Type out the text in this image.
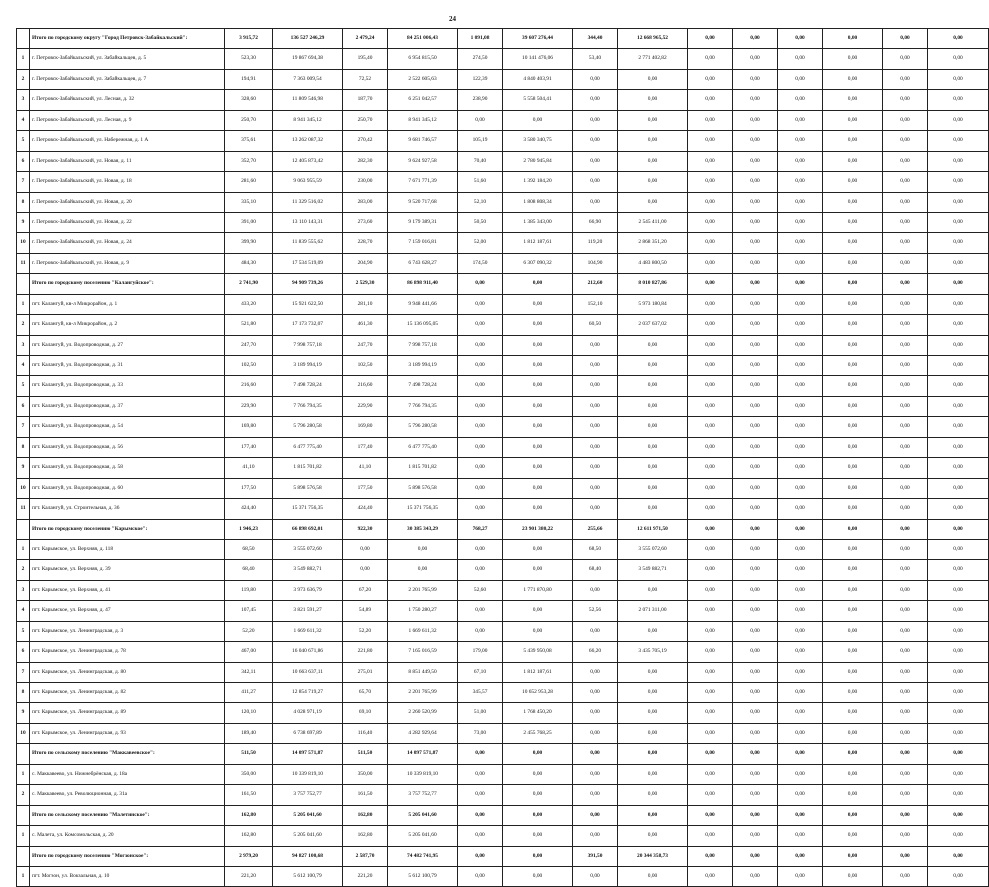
24
	Итого по городскому округу "Город Петровск-Забайкальский":	3 915,72	136 527 246,29	2 479,24	84 251 006,43	1 091,08	39 607 276,44	344,40	12 668 965,52	0,00	0,00	0,00	0,00	0,00	0,00
1	г. Петровск-Забайкальский, ул. Забайкальцев, д. 5	523,30	19 867 694,38	195,40	6 954 815,50	274,50	10 141 476,06	53,40	2 771 402,82	0,00	0,00	0,00	0,00	0,00	0,00
2	г. Петровск-Забайкальский, ул. Забайкальцев, д. 7	194,91	7 363 009,54	72,52	2 522 605,63	122,39	4 840 403,91	0,00	0,00	0,00	0,00	0,00	0,00	0,00	0,00
3	г. Петровск-Забайкальский, ул. Лесная, д. 32	328,60	11 809 546,98	187,70	6 251 042,57	238,90	5 558 504,41	0,00	0,00	0,00	0,00	0,00	0,00	0,00	0,00
4	г. Петровск-Забайкальский, ул. Лесная, д. 9	250,70	8 941 345,12	250,70	8 941 345,12	0,00	0,00	0,00	0,00	0,00	0,00	0,00	0,00	0,00	0,00
5	г. Петровск-Забайкальский, ул. Набережная, д. 1 А	375,61	13 262 087,32	270,42	9 681 746,57	105,19	3 580 340,75	0,00	0,00	0,00	0,00	0,00	0,00	0,00	0,00
6	г. Петровск-Забайкальский, ул. Новая, д. 11	352,70	12 405 873,42	282,30	9 624 927,58	70,40	2 780 945,84	0,00	0,00	0,00	0,00	0,00	0,00	0,00	0,00
7	г. Петровск-Забайкальский, ул. Новая, д. 18	281,60	9 063 955,59	230,00	7 671 771,39	51,60	1 392 184,20	0,00	0,00	0,00	0,00	0,00	0,00	0,00	0,00
8	г. Петровск-Забайкальский, ул. Новая, д. 20	335,10	11 329 516,02	283,00	9 520 717,68	52,10	1 808 808,34	0,00	0,00	0,00	0,00	0,00	0,00	0,00	0,00
9	г. Петровск-Забайкальский, ул. Новая, д. 22	391,00	13 110 143,31	273,60	9 179 389,31	50,50	1 385 343,00	66,90	2 545 411,00	0,00	0,00	0,00	0,00	0,00	0,00
10	г. Петровск-Забайкальский, ул. Новая, д. 24	399,90	11 839 555,62	228,70	7 159 016,81	52,00	1 812 187,61	119,20	2 868 351,20	0,00	0,00	0,00	0,00	0,00	0,00
11	г. Петровск-Забайкальский, ул. Новая, д. 9	484,30	17 534 519,09	204,90	6 743 628,27	174,50	6 307 090,32	104,90	4 483 800,50	0,00	0,00	0,00	0,00	0,00	0,00
	Итого по городскому поселению "Калангуйское":	2 741,90	94 909 739,26	2 529,30	86 898 911,40	0,00	0,00	212,60	8 010 827,86	0,00	0,00	0,00	0,00	0,00	0,00
1	пгт. Калангуй, кв-л Микрорайон, д. 1	433,20	15 921 622,50	281,10	9 948 441,66	0,00	0,00	152,10	5 973 180,84	0,00	0,00	0,00	0,00	0,00	0,00
2	пгт. Калангуй, кв-л Микрорайон, д. 2	521,80	17 173 732,07	461,30	15 136 095,05	0,00	0,00	60,50	2 037 637,02	0,00	0,00	0,00	0,00	0,00	0,00
3	пгт. Калангуй, ул. Водопроводная, д. 27	247,70	7 998 757,18	247,70	7 998 757,18	0,00	0,00	0,00	0,00	0,00	0,00	0,00	0,00	0,00	0,00
4	пгт. Калангуй, ул. Водопроводная, д. 31	102,50	3 189 994,19	102,50	3 189 994,19	0,00	0,00	0,00	0,00	0,00	0,00	0,00	0,00	0,00	0,00
5	пгт. Калангуй, ул. Водопроводная, д. 33	216,60	7 498 728,24	216,60	7 498 728,24	0,00	0,00	0,00	0,00	0,00	0,00	0,00	0,00	0,00	0,00
6	пгт. Калангуй, ул. Водопроводная, д. 37	229,90	7 766 794,35	229,90	7 766 794,35	0,00	0,00	0,00	0,00	0,00	0,00	0,00	0,00	0,00	0,00
7	пгт. Калангуй, ул. Водопроводная, д. 54	169,80	5 796 280,58	169,80	5 796 280,58	0,00	0,00	0,00	0,00	0,00	0,00	0,00	0,00	0,00	0,00
8	пгт. Калангуй, ул. Водопроводная, д. 56	177,40	6 477 775,40	177,40	6 477 775,40	0,00	0,00	0,00	0,00	0,00	0,00	0,00	0,00	0,00	0,00
9	пгт. Калангуй, ул. Водопроводная, д. 58	41,10	1 815 701,82	41,10	1 815 701,82	0,00	0,00	0,00	0,00	0,00	0,00	0,00	0,00	0,00	0,00
10	пгт. Калангуй, ул. Водопроводная, д. 60	177,50	5 898 576,58	177,50	5 898 576,58	0,00	0,00	0,00	0,00	0,00	0,00	0,00	0,00	0,00	0,00
11	пгт. Калангуй, ул. Строительная, д. 36	424,40	15 371 756,35	424,40	15 371 756,35	0,00	0,00	0,00	0,00	0,00	0,00	0,00	0,00	0,00	0,00
	Итого по городскому поселению "Карымское":	1 946,23	66 898 692,01	922,30	30 385 343,29	768,27	23 901 380,22	255,66	12 611 971,50	0,00	0,00	0,00	0,00	0,00	0,00
1	пгт. Карымское, ул. Верхняя, д. 118	68,50	3 555 072,60	0,00	0,00	0,00	0,00	68,50	3 555 072,60	0,00	0,00	0,00	0,00	0,00	0,00
2	пгт. Карымское, ул. Верхняя, д. 39	68,40	3 549 882,71	0,00	0,00	0,00	0,00	68,40	3 549 882,71	0,00	0,00	0,00	0,00	0,00	0,00
3	пгт. Карымское, ул. Верхняя, д. 41	119,80	3 973 636,79	67,20	2 201 765,99	52,60	1 771 870,80	0,00	0,00	0,00	0,00	0,00	0,00	0,00	0,00
4	пгт. Карымское, ул. Верхняя, д. 47	107,45	3 821 591,27	54,89	1 750 280,27	0,00	0,00	52,56	2 071 311,00	0,00	0,00	0,00	0,00	0,00	0,00
5	пгт. Карымское, ул. Ленинградская, д. 3	52,20	1 669 611,32	52,20	1 669 611,32	0,00	0,00	0,00	0,00	0,00	0,00	0,00	0,00	0,00	0,00
6	пгт. Карымское, ул. Ленинградская, д. 78	467,00	16 040 671,86	221,80	7 165 016,59	179,00	5 439 950,08	66,20	3 435 705,19	0,00	0,00	0,00	0,00	0,00	0,00
7	пгт. Карымское, ул. Ленинградская, д. 80	342,11	10 663 637,11	275,01	8 851 449,50	67,10	1 812 187,61	0,00	0,00	0,00	0,00	0,00	0,00	0,00	0,00
8	пгт. Карымское, ул. Ленинградская, д. 82	411,27	12 854 719,27	65,70	2 201 765,99	345,57	10 652 953,28	0,00	0,00	0,00	0,00	0,00	0,00	0,00	0,00
9	пгт. Карымское, ул. Ленинградская, д. 89	120,10	4 028 971,19	69,10	2 260 520,99	51,00	1 768 450,20	0,00	0,00	0,00	0,00	0,00	0,00	0,00	0,00
10	пгт. Карымское, ул. Ленинградская, д. 93	189,40	6 738 697,89	116,40	4 282 929,64	73,00	2 455 768,25	0,00	0,00	0,00	0,00	0,00	0,00	0,00	0,00
	Итого по сельскому поселению "Маккавеевское":	511,50	14 097 571,87	511,50	14 097 571,87	0,00	0,00	0,00	0,00	0,00	0,00	0,00	0,00	0,00	0,00
1	с. Маккавеево, ул. Нижнебрёнская, д. 18а	350,00	10 339 819,10	350,00	10 339 819,10	0,00	0,00	0,00	0,00	0,00	0,00	0,00	0,00	0,00	0,00
2	с. Маккавеево, ул. Революционная, д. 31а	161,50	3 757 752,77	161,50	3 757 752,77	0,00	0,00	0,00	0,00	0,00	0,00	0,00	0,00	0,00	0,00
	Итого по сельскому поселению "Малетинское":	162,80	5 205 041,60	162,80	5 205 041,60	0,00	0,00	0,00	0,00	0,00	0,00	0,00	0,00	0,00	0,00
1	с. Малета, ул. Комсомольская, д. 20	162,80	5 205 041,60	162,80	5 205 041,60	0,00	0,00	0,00	0,00	0,00	0,00	0,00	0,00	0,00	0,00
	Итого по городскому поселению "Могзонское":	2 979,20	94 827 100,68	2 587,70	74 482 741,95	0,00	0,00	391,50	20 344 358,73	0,00	0,00	0,00	0,00	0,00	0,00
1	пгт. Могзон, ул. Вокзальная, д. 10	221,20	5 612 100,79	221,20	5 612 100,79	0,00	0,00	0,00	0,00	0,00	0,00	0,00	0,00	0,00	0,00
